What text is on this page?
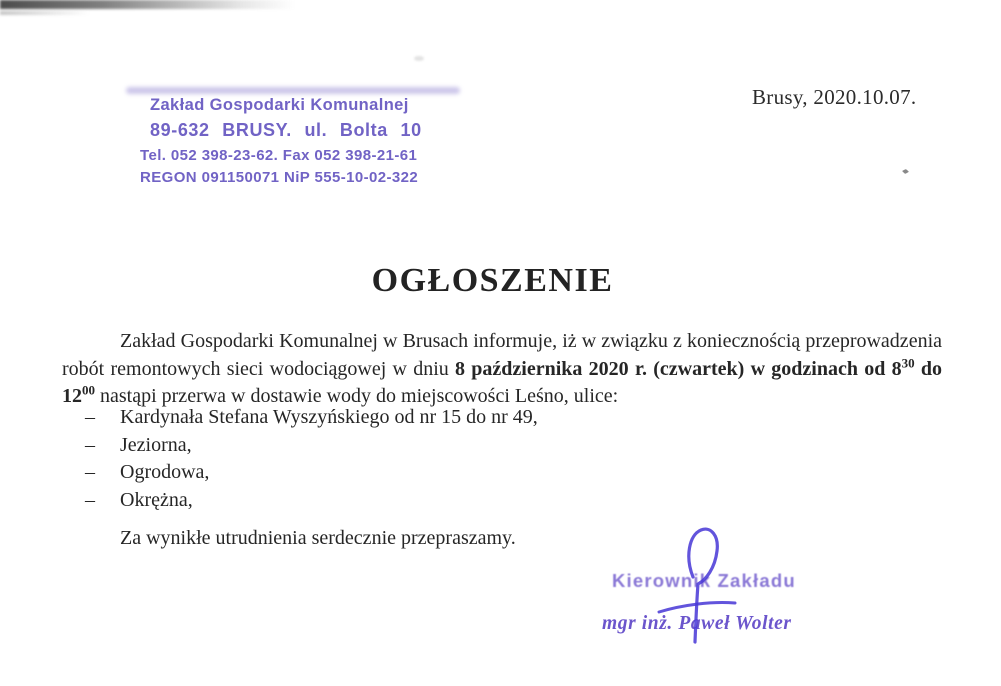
Zakład Gospodarki Komunalnej
89-632 BRUSY. ul. Bolta 10
Tel. 052 398-23-62. Fax 052 398-21-61
REGON 091150071 NiP 555-10-02-322
Brusy, 2020.10.07.
OGŁOSZENIE
Zakład Gospodarki Komunalnej w Brusach informuje, iż w związku z koniecznością przeprowadzenia robót remontowych sieci wodociągowej w dniu 8 października 2020 r. (czwartek) w godzinach od $8^{30}$ do $12^{00}$ nastąpi przerwa w dostawie wody do miejscowości Leśno, ulice:
– Kardynała Stefana Wyszyńskiego od nr 15 do nr 49,
– Jeziorna,
– Ogrodowa,
– Okrężna,
Za wynikłe utrudnienia serdecznie przepraszamy.
Kierownik Zakładu
mgr inż. Paweł Wolter
